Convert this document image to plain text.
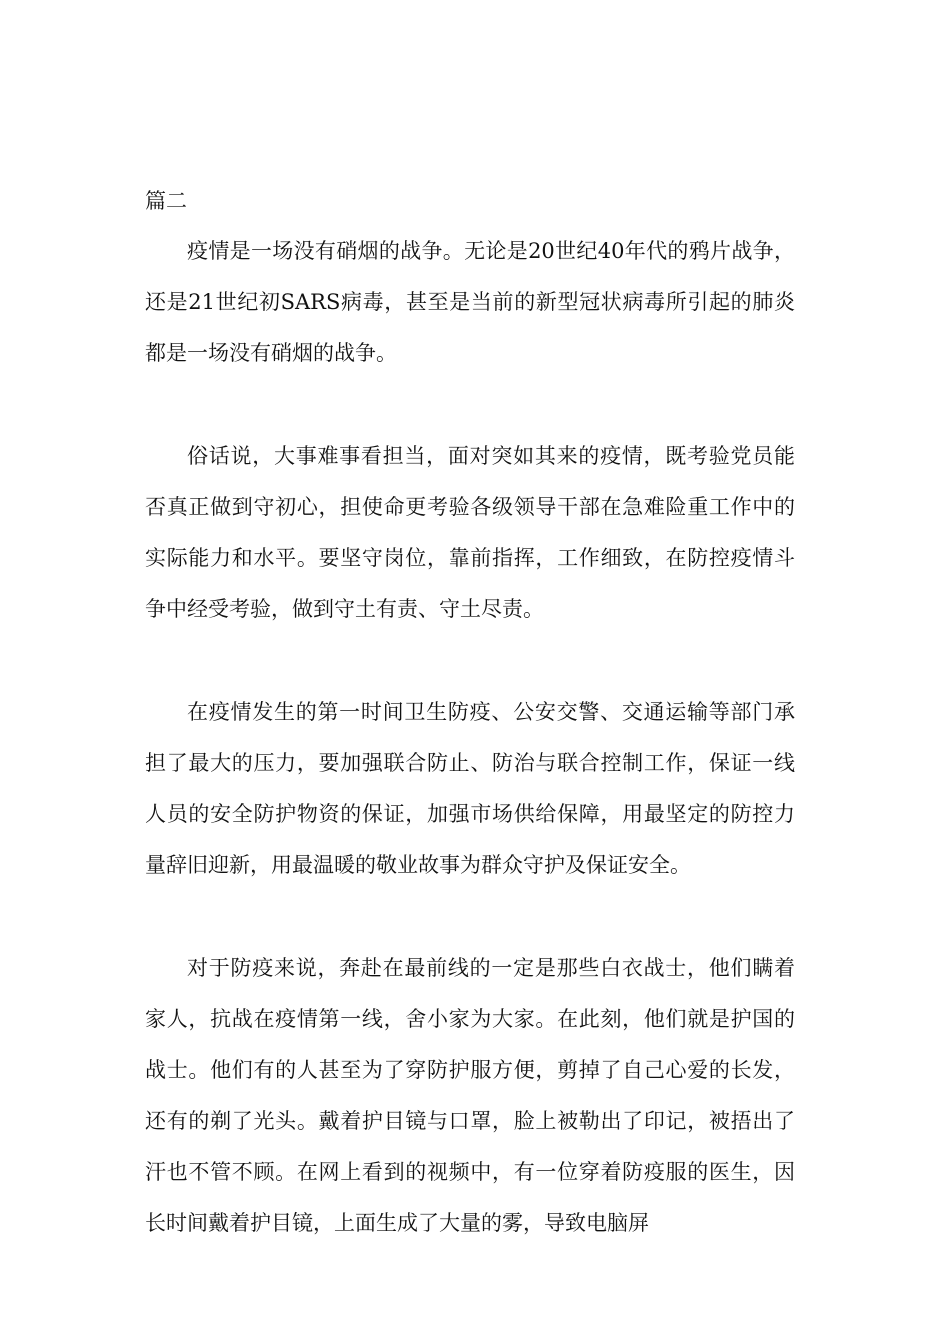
篇二

疫情是一场没有硝烟的战争。无论是20世纪40年代的鸦片战争，还是21世纪初SARS病毒，甚至是当前的新型冠状病毒所引起的肺炎都是一场没有硝烟的战争。

俗话说，大事难事看担当，面对突如其来的疫情，既考验党员能否真正做到守初心，担使命更考验各级领导干部在急难险重工作中的实际能力和水平。要坚守岗位，靠前指挥，工作细致，在防控疫情斗争中经受考验，做到守土有责、守土尽责。

在疫情发生的第一时间卫生防疫、公安交警、交通运输等部门承担了最大的压力，要加强联合防止、防治与联合控制工作，保证一线人员的安全防护物资的保证，加强市场供给保障，用最坚定的防控力量辞旧迎新，用最温暖的敬业故事为群众守护及保证安全。

对于防疫来说，奔赴在最前线的一定是那些白衣战士，他们瞒着家人，抗战在疫情第一线，舍小家为大家。在此刻，他们就是护国的战士。他们有的人甚至为了穿防护服方便，剪掉了自己心爱的长发，还有的剃了光头。戴着护目镜与口罩，脸上被勒出了印记，被捂出了汗也不管不顾。在网上看到的视频中，有一位穿着防疫服的医生，因长时间戴着护目镜，上面生成了大量的雾，导致电脑屏
